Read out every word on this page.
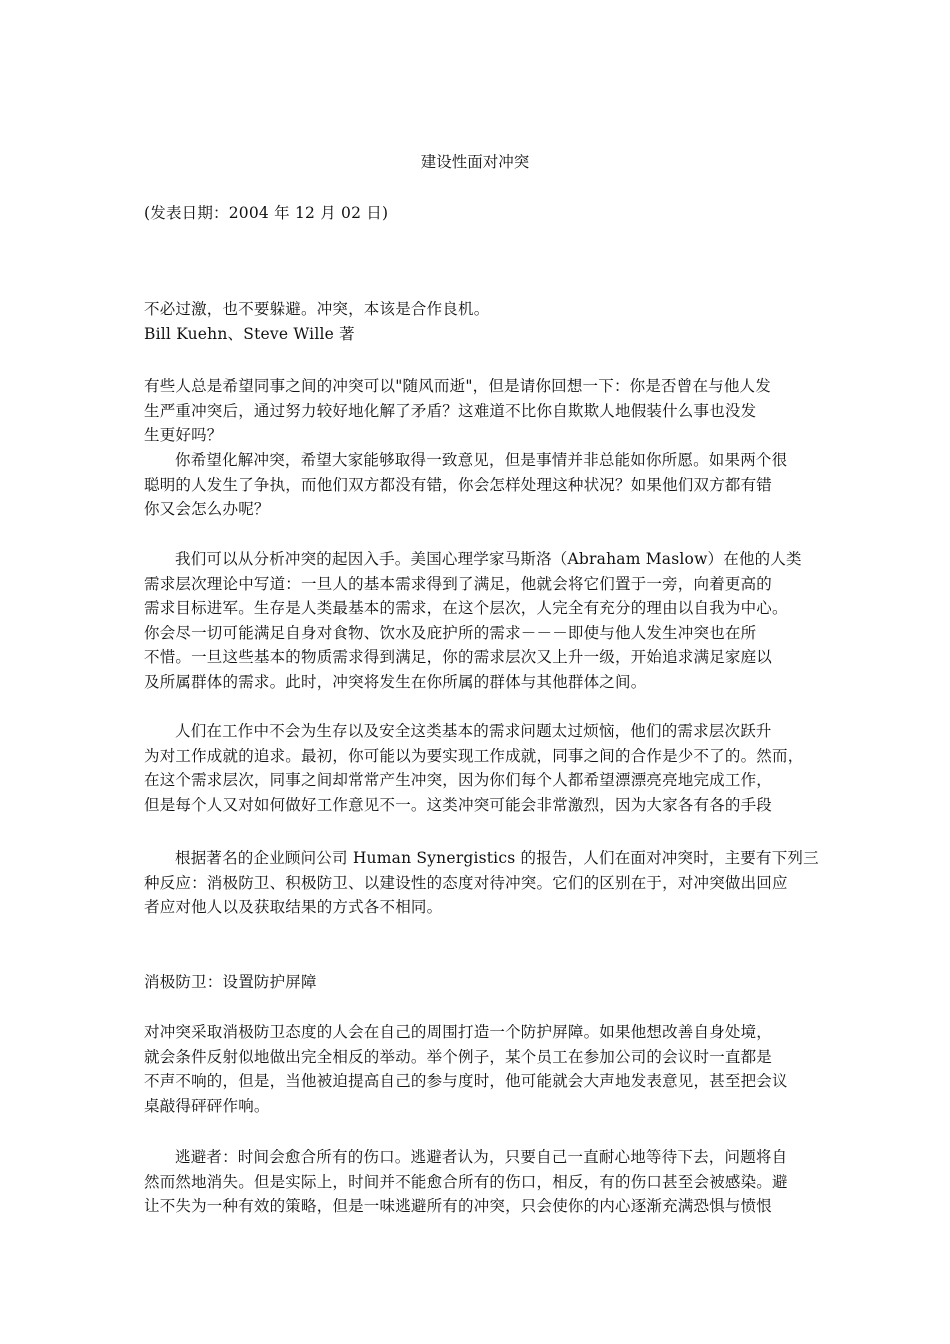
建设性面对冲突
(发表日期：2004 年 12 月 02 日)
不必过激，也不要躲避。冲突，本该是合作良机。
Bill Kuehn、Steve Wille 著
有些人总是希望同事之间的冲突可以"随风而逝"，但是请你回想一下：你是否曾在与他人发
生严重冲突后，通过努力较好地化解了矛盾？这难道不比你自欺欺人地假装什么事也没发
生更好吗？
你希望化解冲突，希望大家能够取得一致意见，但是事情并非总能如你所愿。如果两个很
聪明的人发生了争执，而他们双方都没有错，你会怎样处理这种状况？如果他们双方都有错
你又会怎么办呢？
我们可以从分析冲突的起因入手。美国心理学家马斯洛（Abraham Maslow）在他的人类
需求层次理论中写道：一旦人的基本需求得到了满足，他就会将它们置于一旁，向着更高的
需求目标进军。生存是人类最基本的需求，在这个层次，人完全有充分的理由以自我为中心。
你会尽一切可能满足自身对食物、饮水及庇护所的需求－－－即使与他人发生冲突也在所
不惜。一旦这些基本的物质需求得到满足，你的需求层次又上升一级，开始追求满足家庭以
及所属群体的需求。此时，冲突将发生在你所属的群体与其他群体之间。
人们在工作中不会为生存以及安全这类基本的需求问题太过烦恼，他们的需求层次跃升
为对工作成就的追求。最初，你可能以为要实现工作成就，同事之间的合作是少不了的。然而，
在这个需求层次，同事之间却常常产生冲突，因为你们每个人都希望漂漂亮亮地完成工作，
但是每个人又对如何做好工作意见不一。这类冲突可能会非常激烈，因为大家各有各的手段
根据著名的企业顾问公司 Human Synergistics 的报告，人们在面对冲突时，主要有下列三
种反应：消极防卫、积极防卫、以建设性的态度对待冲突。它们的区别在于，对冲突做出回应
者应对他人以及获取结果的方式各不相同。
消极防卫：设置防护屏障
对冲突采取消极防卫态度的人会在自己的周围打造一个防护屏障。如果他想改善自身处境，
就会条件反射似地做出完全相反的举动。举个例子，某个员工在参加公司的会议时一直都是
不声不响的，但是，当他被迫提高自己的参与度时，他可能就会大声地发表意见，甚至把会议
桌敲得砰砰作响。
逃避者：时间会愈合所有的伤口。逃避者认为，只要自己一直耐心地等待下去，问题将自
然而然地消失。但是实际上，时间并不能愈合所有的伤口，相反，有的伤口甚至会被感染。避
让不失为一种有效的策略，但是一味逃避所有的冲突，只会使你的内心逐渐充满恐惧与愤恨
